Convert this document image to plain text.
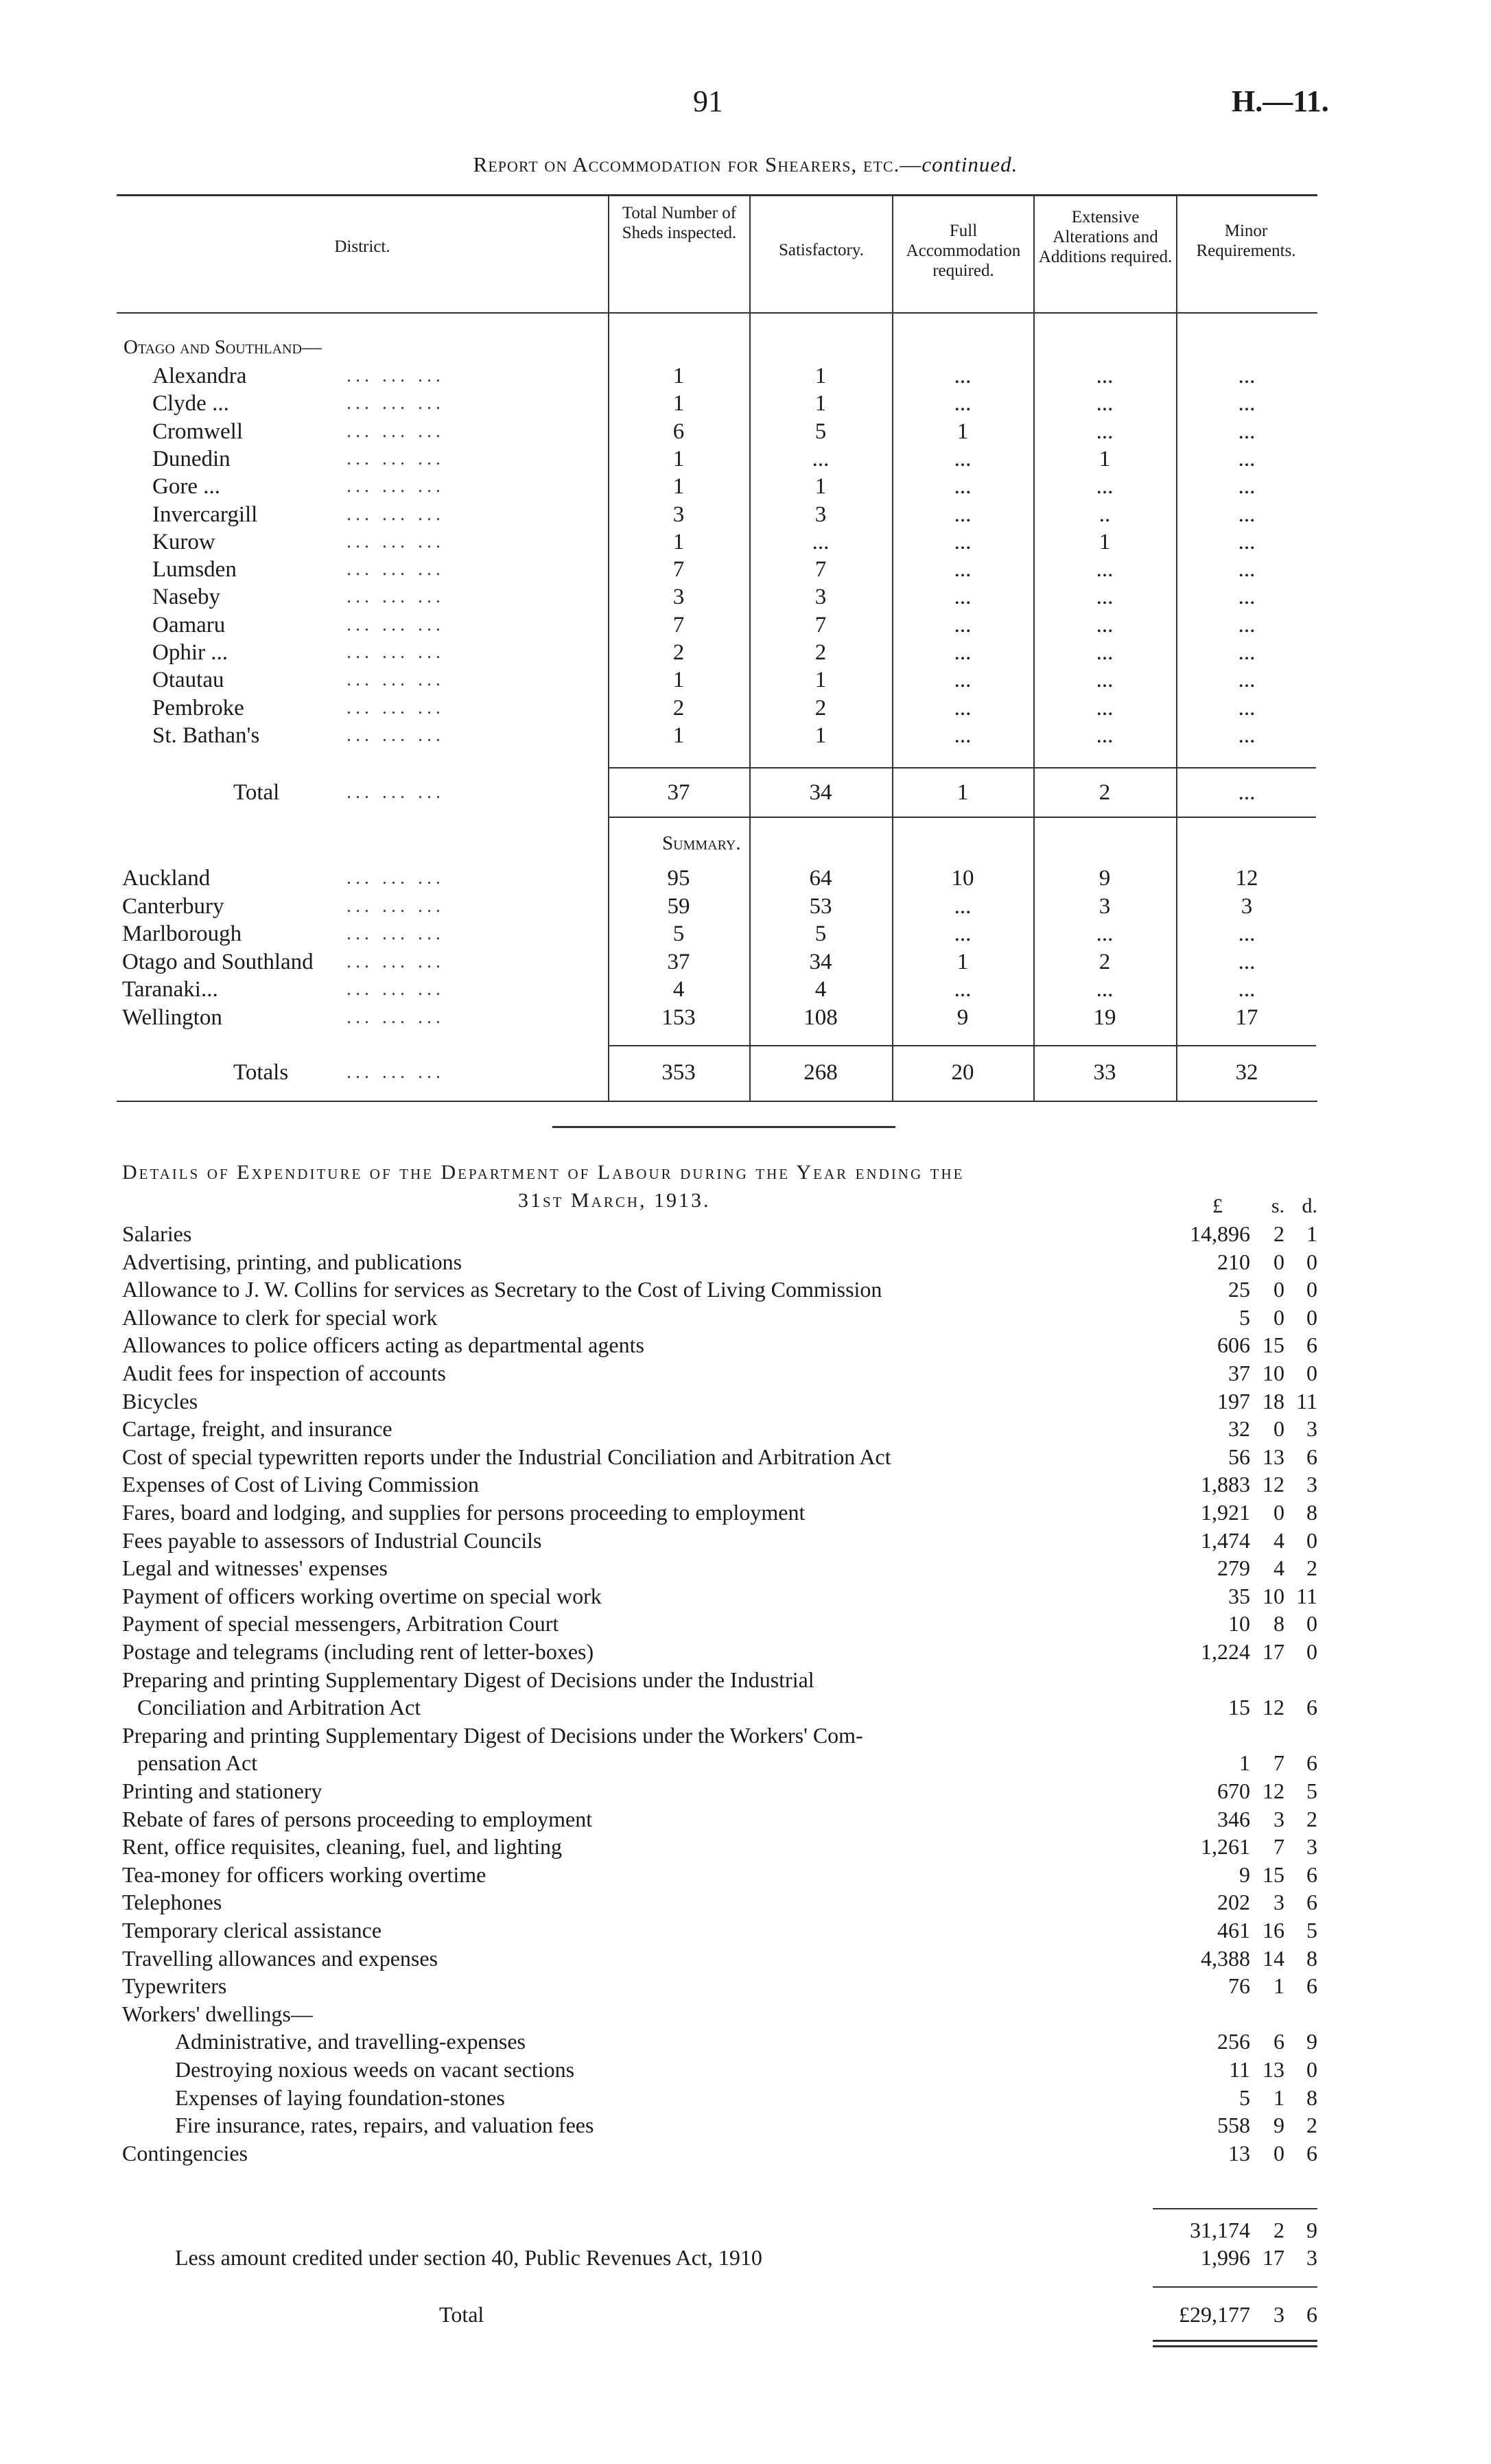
91	H.—11.
Report on Accommodation for Shearers, etc.—continued.
District.
Total Number of Sheds inspected.
Satisfactory.
Full Accommodation required.
Extensive Alterations and Additions required.
Minor Requirements.
Otago and Southland—
Alexandra	... ... ...	1	1	...	...	...
Clyde ...	... ... ...	1	1	...	...	...
Cromwell	... ... ...	6	5	1	...	...
Dunedin	... ... ...	1	...	...	1	...
Gore ...	... ... ...	1	1	...	...	...
Invercargill	... ... ...	3	3	...	..	...
Kurow	... ... ...	1	...	...	1	...
Lumsden	... ... ...	7	7	...	...	...
Naseby	... ... ...	3	3	...	...	...
Oamaru	... ... ...	7	7	...	...	...
Ophir ...	... ... ...	2	2	...	...	...
Otautau	... ... ...	1	1	...	...	...
Pembroke	... ... ...	2	2	...	...	...
St. Bathan's	... ... ...	1	1	...	...	...
Total	... ... ...	37	34	1	2	...
Summary.
Auckland	... ... ...	95	64	10	9	12
Canterbury	... ... ...	59	53	...	3	3
Marlborough	... ... ...	5	5	...	...	...
Otago and Southland ... ... ...	37	34	1	2	...
Taranaki...	... ... ...	4	4	...	...	...
Wellington	... ... ...	153	108	9	19	17
Totals	... ... ...	353	268	20	33	32
Details of Expenditure of the Department of Labour during the Year ending the
31st March, 1913.	£	s. d.
Salaries	14,896	2	1
Advertising, printing, and publications	210	0	0
Allowance to J. W. Collins for services as Secretary to the Cost of Living Commission	25	0	0
Allowance to clerk for special work	5	0	0
Allowances to police officers acting as departmental agents	606 15	6
Audit fees for inspection of accounts	37 10	0
Bicycles	197 18 11
Cartage, freight, and insurance	32	0	3
Cost of special typewritten reports under the Industrial Conciliation and Arbitration Act	56 13	6
Expenses of Cost of Living Commission	1,883 12	3
Fares, board and lodging, and supplies for persons proceeding to employment	1,921	0	8
Fees payable to assessors of Industrial Councils	1,474	4	0
Legal and witnesses' expenses	279	4	2
Payment of officers working overtime on special work	35 10 11
Payment of special messengers, Arbitration Court	10	8	0
Postage and telegrams (including rent of letter-boxes)	1,224 17	0
Preparing and printing Supplementary Digest of Decisions under the Industrial
Conciliation and Arbitration Act	15 12	6
Preparing and printing Supplementary Digest of Decisions under the Workers' Com-
pensation Act	1	7	6
Printing and stationery	670 12	5
Rebate of fares of persons proceeding to employment	346	3	2
Rent, office requisites, cleaning, fuel, and lighting	1,261	7	3
Tea-money for officers working overtime	9 15	6
Telephones	202	3	6
Temporary clerical assistance	461 16	5
Travelling allowances and expenses	4,388 14	8
Typewriters	76	1	6
Workers' dwellings—
Administrative, and travelling-expenses	256	6	9
Destroying noxious weeds on vacant sections	11 13	0
Expenses of laying foundation-stones	5	1	8
Fire insurance, rates, repairs, and valuation fees	558	9	2
Contingencies	13	0	6
31,174	2	9
Less amount credited under section 40, Public Revenues Act, 1910	1,996 17	3
Total	£29,177	3	6
